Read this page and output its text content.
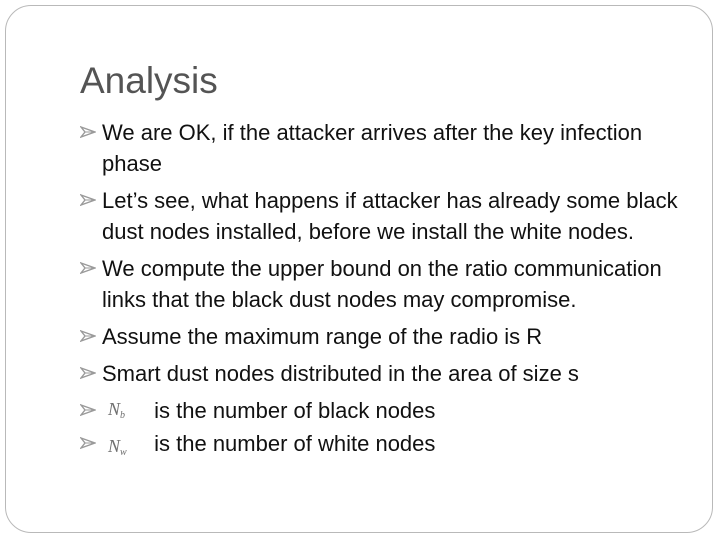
Analysis
We are OK, if the attacker arrives after the key infection phase
Let’s see, what happens if attacker has already some black dust nodes installed, before we install the white nodes.
We compute the upper bound on the ratio communication links that the black dust nodes may compromise.
Assume the maximum range of the radio is R
Smart dust nodes distributed in the area of size s
is the number of black nodes
is the number of white nodes
$N_b$
$N_w$
